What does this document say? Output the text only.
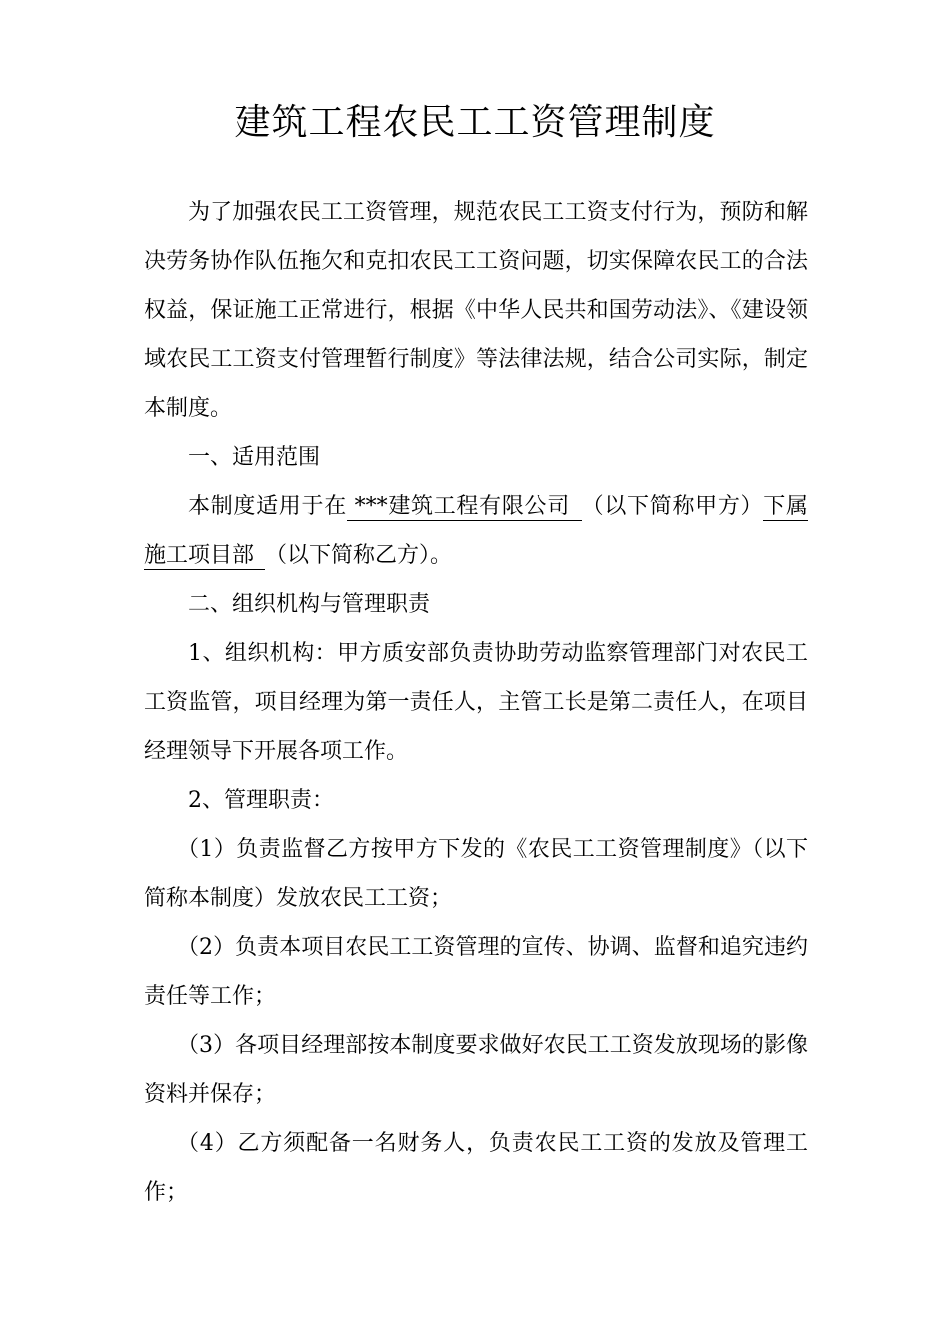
建筑工程农民工工资管理制度

为了加强农民工工资管理，规范农民工工资支付行为，预防和解决劳务协作队伍拖欠和克扣农民工工资问题，切实保障农民工的合法权益，保证施工正常进行，根据《中华人民共和国劳动法》、《建设领域农民工工资支付管理暂行制度》等法律法规，结合公司实际，制定本制度。

一、适用范围

本制度适用于在 ***建筑工程有限公司 （以下简称甲方）下属施工项目部 （以下简称乙方）。

二、组织机构与管理职责

1、组织机构：甲方质安部负责协助劳动监察管理部门对农民工工资监管，项目经理为第一责任人，主管工长是第二责任人，在项目经理领导下开展各项工作。

2、管理职责：

（1）负责监督乙方按甲方下发的《农民工工资管理制度》（以下简称本制度）发放农民工工资；

（2）负责本项目农民工工资管理的宣传、协调、监督和追究违约责任等工作；

（3）各项目经理部按本制度要求做好农民工工资发放现场的影像资料并保存；

（4）乙方须配备一名财务人，负责农民工工资的发放及管理工作；
